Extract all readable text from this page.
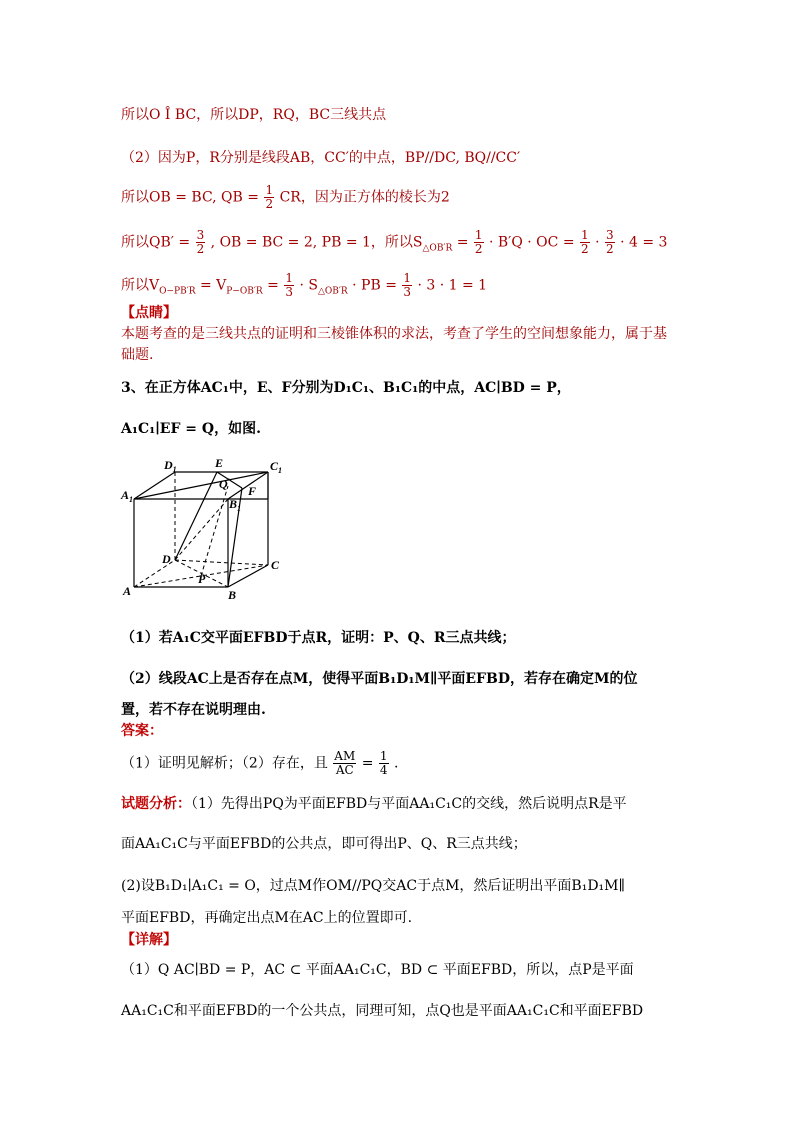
所以O Î BC，所以DP，RQ，BC三线共点
（2）因为P，R分别是线段AB，CC′的中点，BP//DC, BQ//CC′
所以OB = BC, QB = $\frac{1}{2}$ CR，因为正方体的棱长为2
所以$QB' = \frac{3}{2}$ , OB = BC = 2, PB = 1，所以$S_{\triangle OB'R} = \frac{1}{2} \cdot B'Q$ · OC = $\frac{1}{2} \cdot \frac{3}{2} \cdot 4 = 3$
所以$V_{O-PB'R} = V_{P-OB'R} = \frac{1}{3} \cdot S_{\triangle OB'R}$ · PB = $\frac{1}{3} \cdot 3 \cdot 1 = 1$
【点睛】
本题考查的是三线共点的证明和三棱锥体积的求法，考查了学生的空间想象能力，属于基础题.
3、在正方体AC₁中，E、F分别为D₁C₁、B₁C₁的中点，AC∣BD = P，
A₁C₁∣EF = Q，如图.
$D_1$	E	$C_1$
$A_1$
Q′
$B_1$
F
D	C
A
P
B
（1）若A₁C交平面EFBD于点R，证明：P、Q、R三点共线；
（2）线段AC上是否存在点M，使得平面B₁D₁M∥平面EFBD，若存在确定M的位
置，若不存在说明理由.
答案：
（1）证明见解析；（2）存在，且 $\frac{AM}{AC} = \frac{1}{4}$ .
试题分析：（1）先得出PQ为平面EFBD与平面AA₁C₁C的交线，然后说明点R是平
面AA₁C₁C与平面EFBD的公共点，即可得出P、Q、R三点共线；
(2)设B₁D₁∣A₁C₁ = O，过点M作OM//PQ交AC于点M，然后证明出平面B₁D₁M∥
平面EFBD，再确定出点M在AC上的位置即可.
【详解】
（1）Q AC∣BD = P，AC ⊂ 平面AA₁C₁C，BD ⊂ 平面EFBD，所以，点P是平面
AA₁C₁C和平面EFBD的一个公共点，同理可知，点Q也是平面AA₁C₁C和平面EFBD
